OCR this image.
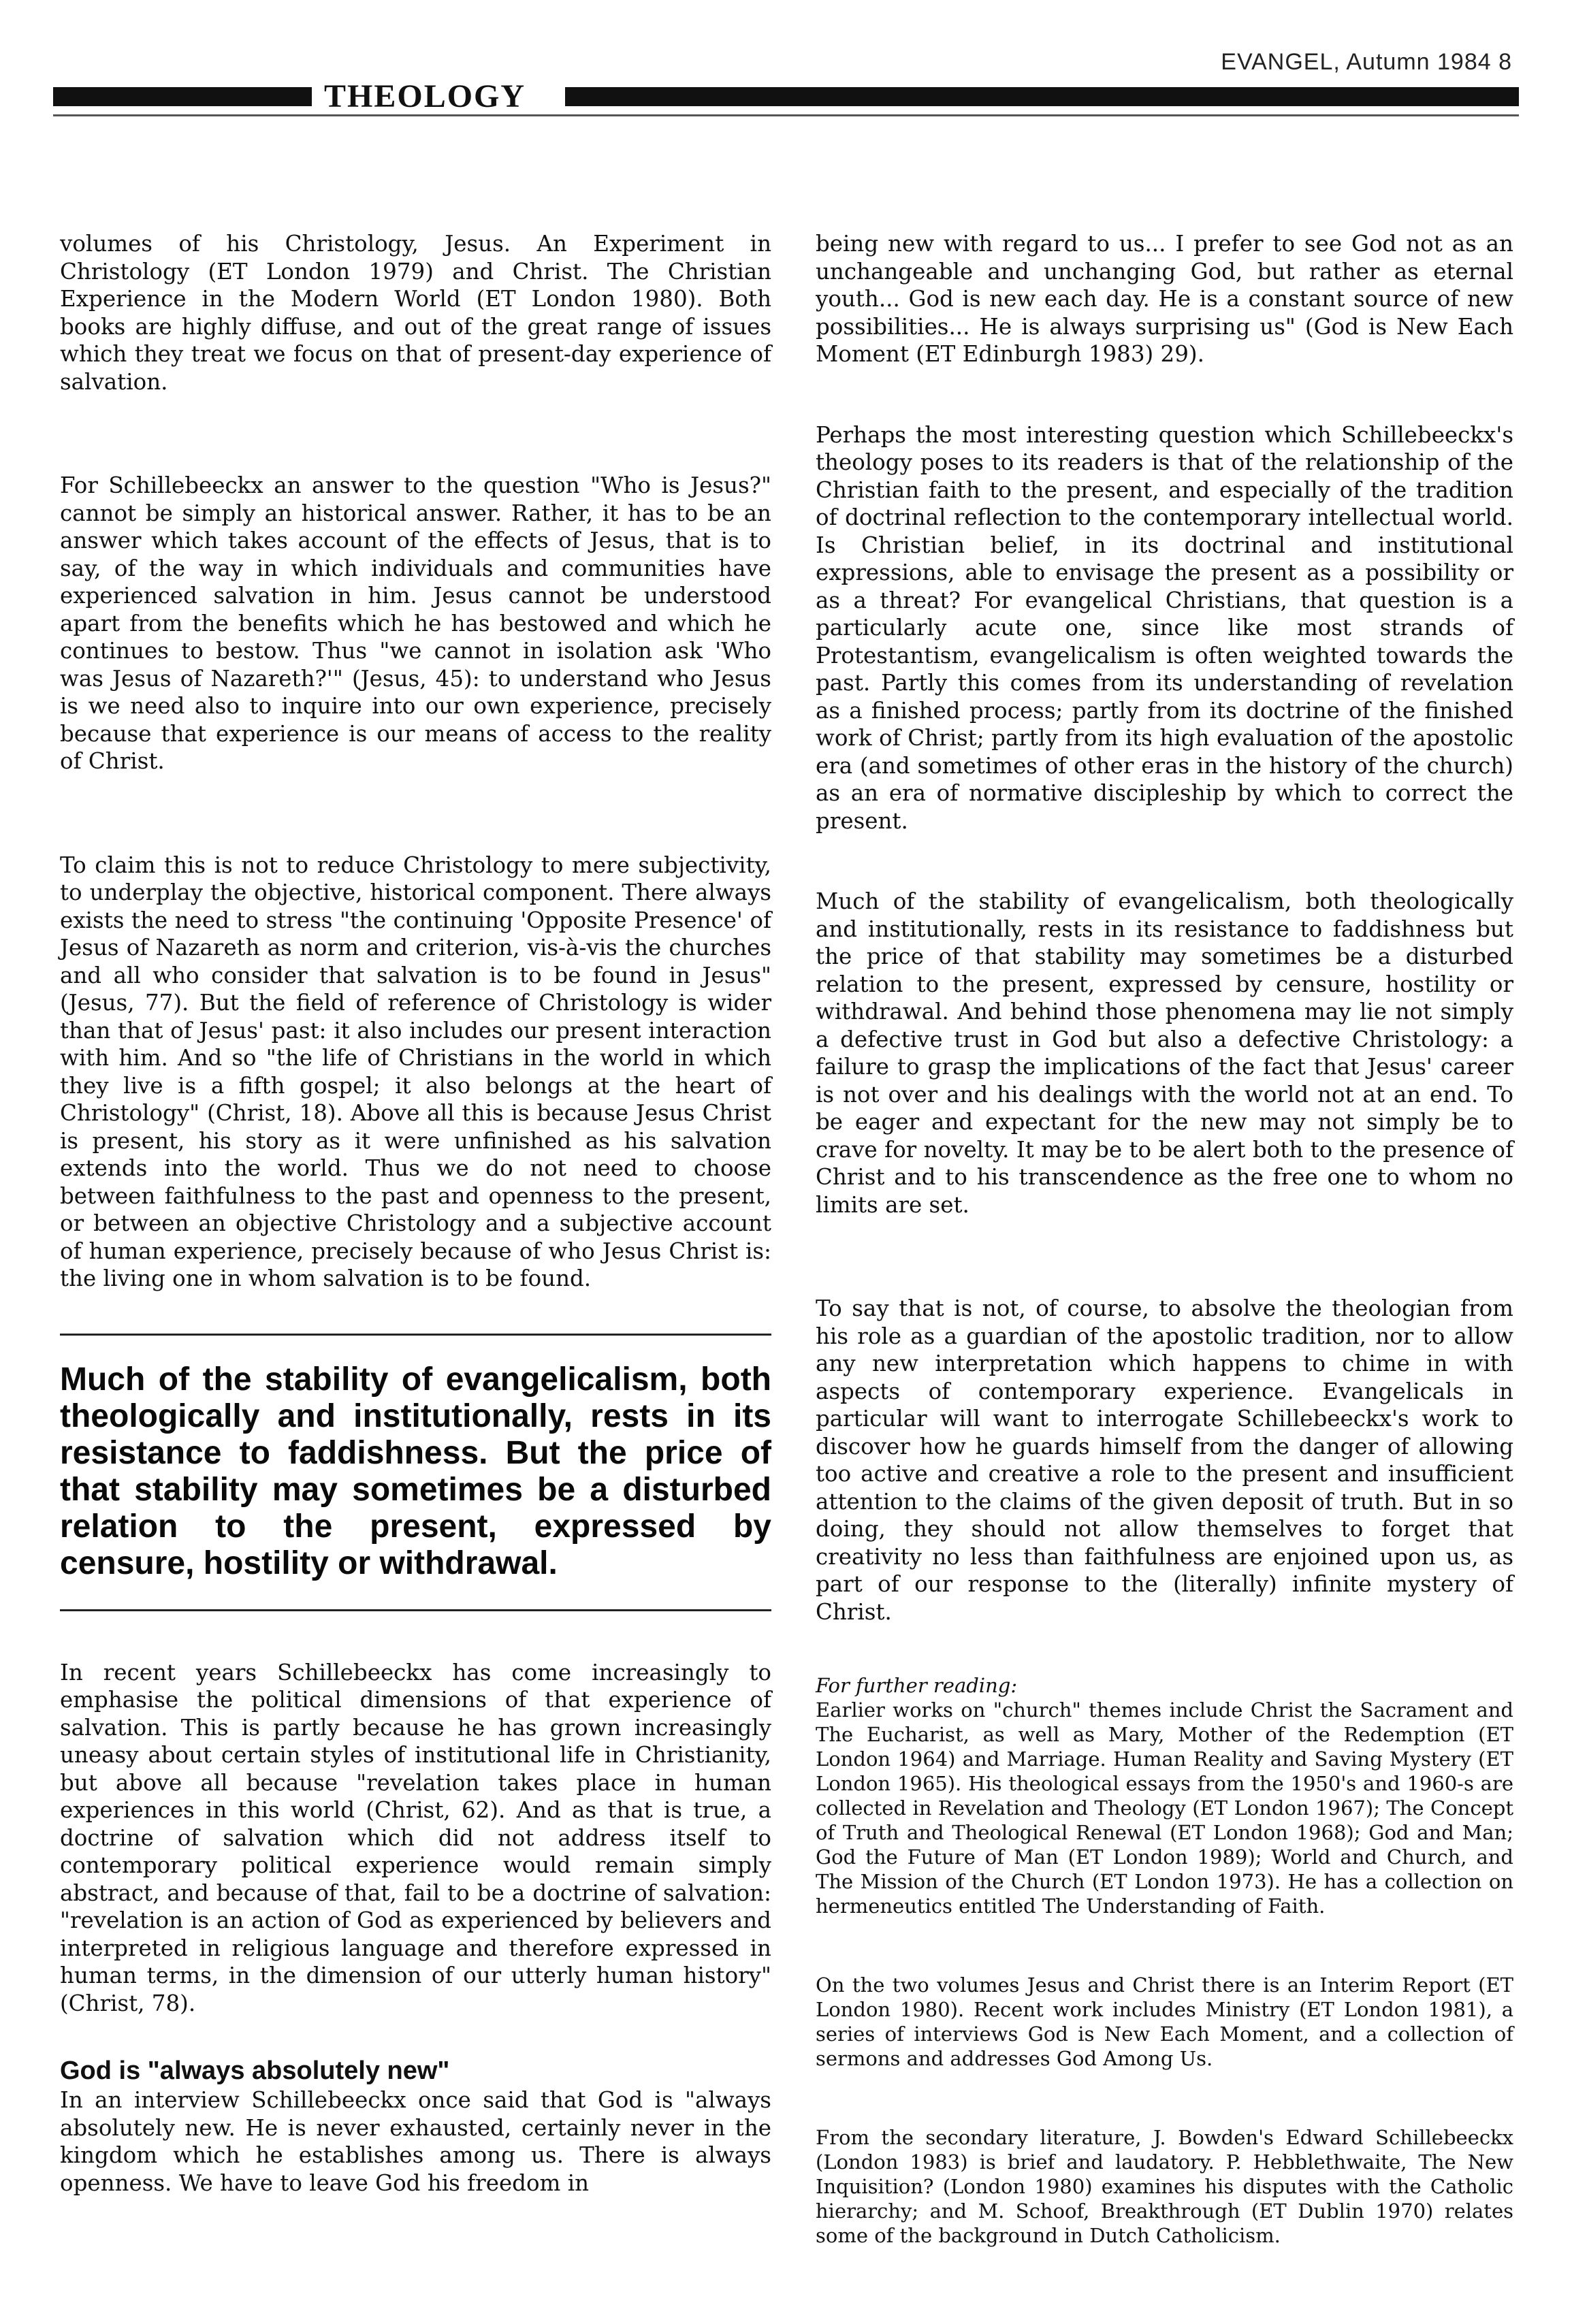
EVANGEL, Autumn 1984 8
THEOLOGY

volumes of his Christology, Jesus. An Experiment in Christology (ET London 1979) and Christ. The Christian Experience in the Modern World (ET London 1980). Both books are highly diffuse, and out of the great range of issues which they treat we focus on that of present-day experience of salvation.

For Schillebeeckx an answer to the question "Who is Jesus?" cannot be simply an historical answer. Rather, it has to be an answer which takes account of the effects of Jesus, that is to say, of the way in which individuals and communities have experienced salvation in him. Jesus cannot be understood apart from the benefits which he has bestowed and which he continues to bestow. Thus "we cannot in isolation ask 'Who was Jesus of Nazareth?'" (Jesus, 45): to understand who Jesus is we need also to inquire into our own experience, precisely because that experience is our means of access to the reality of Christ.

To claim this is not to reduce Christology to mere subjectivity, to underplay the objective, historical component. There always exists the need to stress "the continuing 'Opposite Presence' of Jesus of Nazareth as norm and criterion, vis-à-vis the churches and all who consider that salvation is to be found in Jesus" (Jesus, 77). But the field of reference of Christology is wider than that of Jesus' past: it also includes our present interaction with him. And so "the life of Christians in the world in which they live is a fifth gospel; it also belongs at the heart of Christology" (Christ, 18). Above all this is because Jesus Christ is present, his story as it were unfinished as his salvation extends into the world. Thus we do not need to choose between faithfulness to the past and openness to the present, or between an objective Christology and a subjective account of human experience, precisely because of who Jesus Christ is: the living one in whom salvation is to be found.

Much of the stability of evangelicalism, both theologically and institutionally, rests in its resistance to faddishness. But the price of that stability may sometimes be a disturbed relation to the present, expressed by censure, hostility or withdrawal.

In recent years Schillebeeckx has come increasingly to emphasise the political dimensions of that experience of salvation. This is partly because he has grown increasingly uneasy about certain styles of institutional life in Christianity, but above all because "revelation takes place in human experiences in this world (Christ, 62). And as that is true, a doctrine of salvation which did not address itself to contemporary political experience would remain simply abstract, and because of that, fail to be a doctrine of salvation: "revelation is an action of God as experienced by believers and interpreted in religious language and therefore expressed in human terms, in the dimension of our utterly human history" (Christ, 78).

God is "always absolutely new"

In an interview Schillebeeckx once said that God is "always absolutely new. He is never exhausted, certainly never in the kingdom which he establishes among us. There is always openness. We have to leave God his freedom in

being new with regard to us... I prefer to see God not as an unchangeable and unchanging God, but rather as eternal youth... God is new each day. He is a constant source of new possibilities... He is always surprising us" (God is New Each Moment (ET Edinburgh 1983) 29).

Perhaps the most interesting question which Schillebeeckx's theology poses to its readers is that of the relationship of the Christian faith to the present, and especially of the tradition of doctrinal reflection to the contemporary intellectual world. Is Christian belief, in its doctrinal and institutional expressions, able to envisage the present as a possibility or as a threat? For evangelical Christians, that question is a particularly acute one, since like most strands of Protestantism, evangelicalism is often weighted towards the past. Partly this comes from its understanding of revelation as a finished process; partly from its doctrine of the finished work of Christ; partly from its high evaluation of the apostolic era (and sometimes of other eras in the history of the church) as an era of normative discipleship by which to correct the present.

Much of the stability of evangelicalism, both theologically and institutionally, rests in its resistance to faddishness but the price of that stability may sometimes be a disturbed relation to the present, expressed by censure, hostility or withdrawal. And behind those phenomena may lie not simply a defective trust in God but also a defective Christology: a failure to grasp the implications of the fact that Jesus' career is not over and his dealings with the world not at an end. To be eager and expectant for the new may not simply be to crave for novelty. It may be to be alert both to the presence of Christ and to his transcendence as the free one to whom no limits are set.

To say that is not, of course, to absolve the theologian from his role as a guardian of the apostolic tradition, nor to allow any new interpretation which happens to chime in with aspects of contemporary experience. Evangelicals in particular will want to interrogate Schillebeeckx's work to discover how he guards himself from the danger of allowing too active and creative a role to the present and insufficient attention to the claims of the given deposit of truth. But in so doing, they should not allow themselves to forget that creativity no less than faithfulness are enjoined upon us, as part of our response to the (literally) infinite mystery of Christ.

For further reading:

Earlier works on "church" themes include Christ the Sacrament and The Eucharist, as well as Mary, Mother of the Redemption (ET London 1964) and Marriage. Human Reality and Saving Mystery (ET London 1965). His theological essays from the 1950's and 1960-s are collected in Revelation and Theology (ET London 1967); The Concept of Truth and Theological Renewal (ET London 1968); God and Man; God the Future of Man (ET London 1989); World and Church, and The Mission of the Church (ET London 1973). He has a collection on hermeneutics entitled The Understanding of Faith.

On the two volumes Jesus and Christ there is an Interim Report (ET London 1980). Recent work includes Ministry (ET London 1981), a series of interviews God is New Each Moment, and a collection of sermons and addresses God Among Us.

From the secondary literature, J. Bowden's Edward Schillebeeckx (London 1983) is brief and laudatory. P. Hebblethwaite, The New Inquisition? (London 1980) examines his disputes with the Catholic hierarchy; and M. Schoof, Breakthrough (ET Dublin 1970) relates some of the background in Dutch Catholicism.
